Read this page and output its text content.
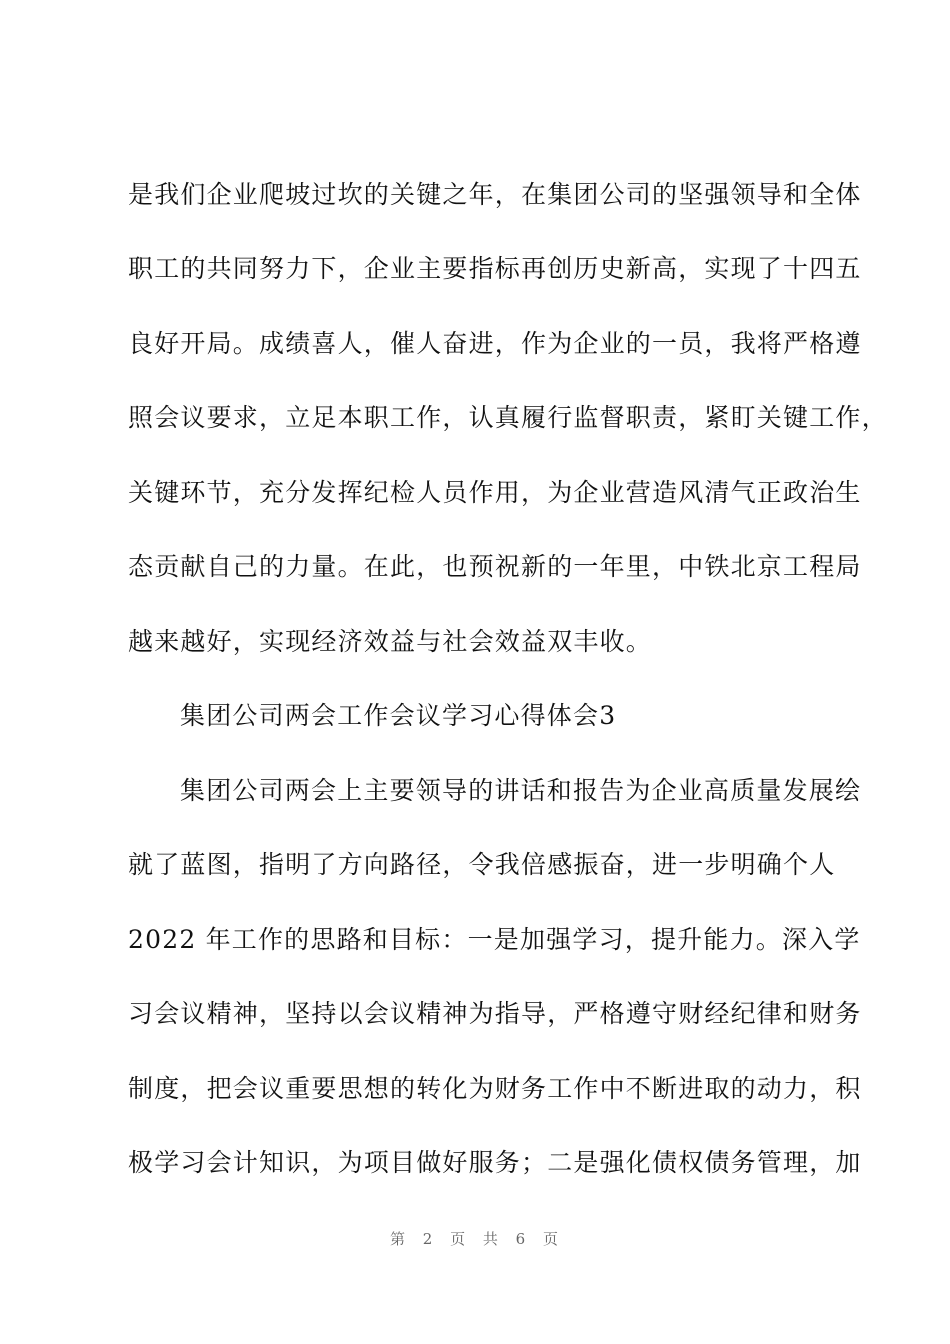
是我们企业爬坡过坎的关键之年，在集团公司的坚强领导和全体
职工的共同努力下，企业主要指标再创历史新高，实现了十四五
良好开局。成绩喜人，催人奋进，作为企业的一员，我将严格遵
照会议要求，立足本职工作，认真履行监督职责，紧盯关键工作，
关键环节，充分发挥纪检人员作用，为企业营造风清气正政治生
态贡献自己的力量。在此，也预祝新的一年里，中铁北京工程局
越来越好，实现经济效益与社会效益双丰收。
集团公司两会工作会议学习心得体会3
集团公司两会上主要领导的讲话和报告为企业高质量发展绘
就了蓝图，指明了方向路径，令我倍感振奋，进一步明确个人
2022 年工作的思路和目标：一是加强学习，提升能力。深入学
习会议精神，坚持以会议精神为指导，严格遵守财经纪律和财务
制度，把会议重要思想的转化为财务工作中不断进取的动力，积
极学习会计知识，为项目做好服务；二是强化债权债务管理，加
第 2 页 共 6 页
